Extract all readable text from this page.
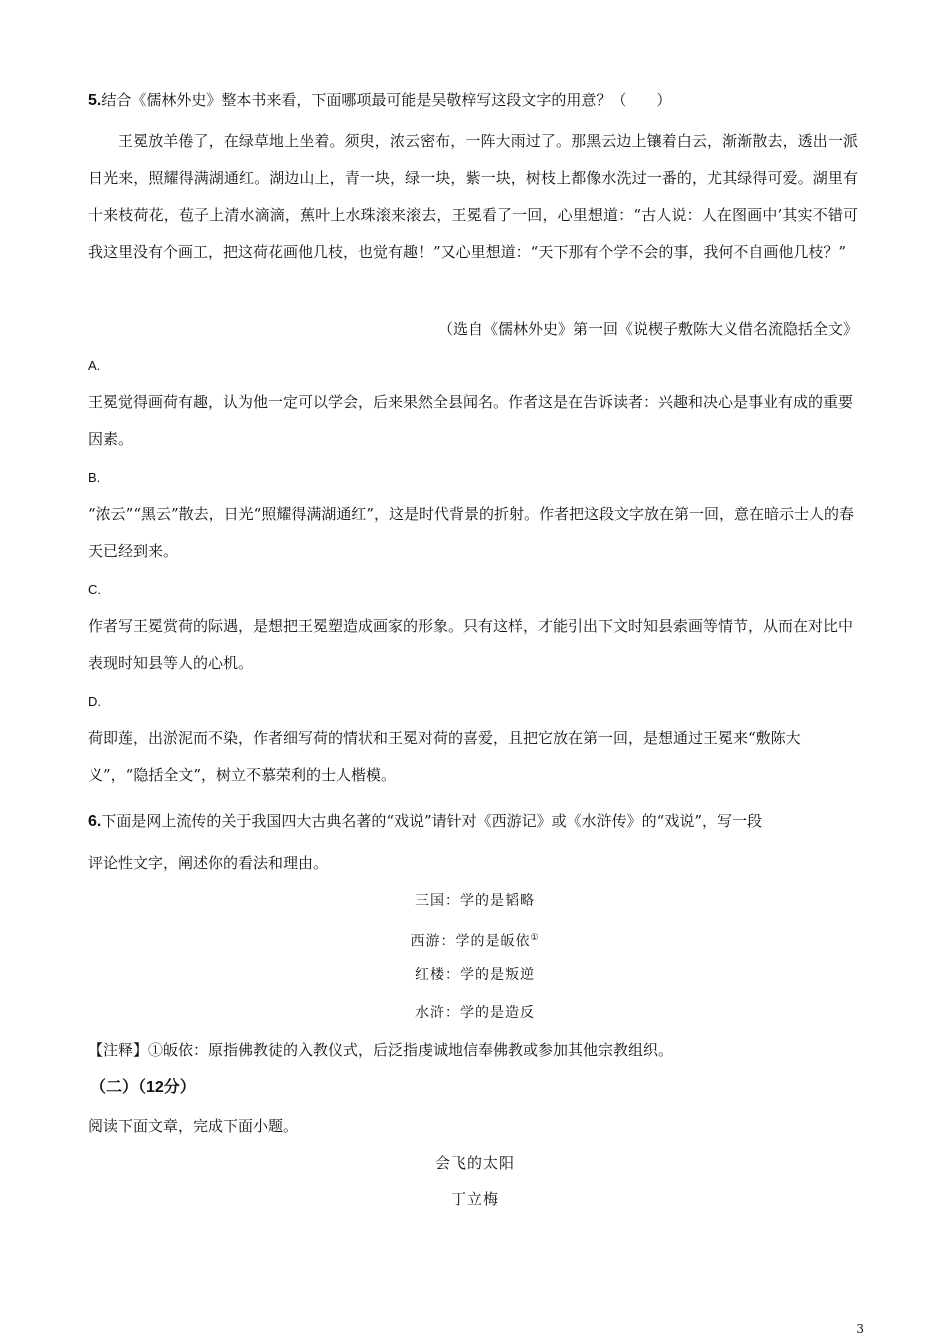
5.结合《儒林外史》整本书来看，下面哪项最可能是吴敬梓写这段文字的用意？（　　）
王冕放羊倦了，在绿草地上坐着。须臾，浓云密布，一阵大雨过了。那黑云边上镶着白云，渐渐散去，透出一派日光来，照耀得满湖通红。湖边山上，青一块，绿一块，紫一块，树枝上都像水洗过一番的，尤其绿得可爱。湖里有十来枝荷花，苞子上清水滴滴，蕉叶上水珠滚来滚去，王冕看了一回，心里想道：“古人说：人在图画中’其实不错可我这里没有个画工，把这荷花画他几枝，也觉有趣！”又心里想道：“天下那有个学不会的事，我何不自画他几枝？”
（选自《儒林外史》第一回《说楔子敷陈大义借名流隐括全文》
A.
王冕觉得画荷有趣，认为他一定可以学会，后来果然全县闻名。作者这是在告诉读者：兴趣和决心是事业有成的重要因素。
B.
“浓云”“黑云”散去，日光“照耀得满湖通红”，这是时代背景的折射。作者把这段文字放在第一回，意在暗示士人的春天已经到来。
C.
作者写王冕赏荷的际遇，是想把王冕塑造成画家的形象。只有这样，才能引出下文时知县索画等情节，从而在对比中表现时知县等人的心机。
D.
荷即莲，出淤泥而不染，作者细写荷的情状和王冕对荷的喜爱，且把它放在第一回，是想通过王冕来“敷陈大义”，“隐括全文”，树立不慕荣利的士人楷模。
6.下面是网上流传的关于我国四大古典名著的“戏说”请针对《西游记》或《水浒传》的“戏说”，写一段
评论性文字，阐述你的看法和理由。
三国：学的是韬略
西游：学的是皈依①
红楼：学的是叛逆
水浒：学的是造反
【注释】①皈依：原指佛教徒的入教仪式，后泛指虔诚地信奉佛教或参加其他宗教组织。
（二）（12分）
阅读下面文章，完成下面小题。
会飞的太阳
丁立梅
3
